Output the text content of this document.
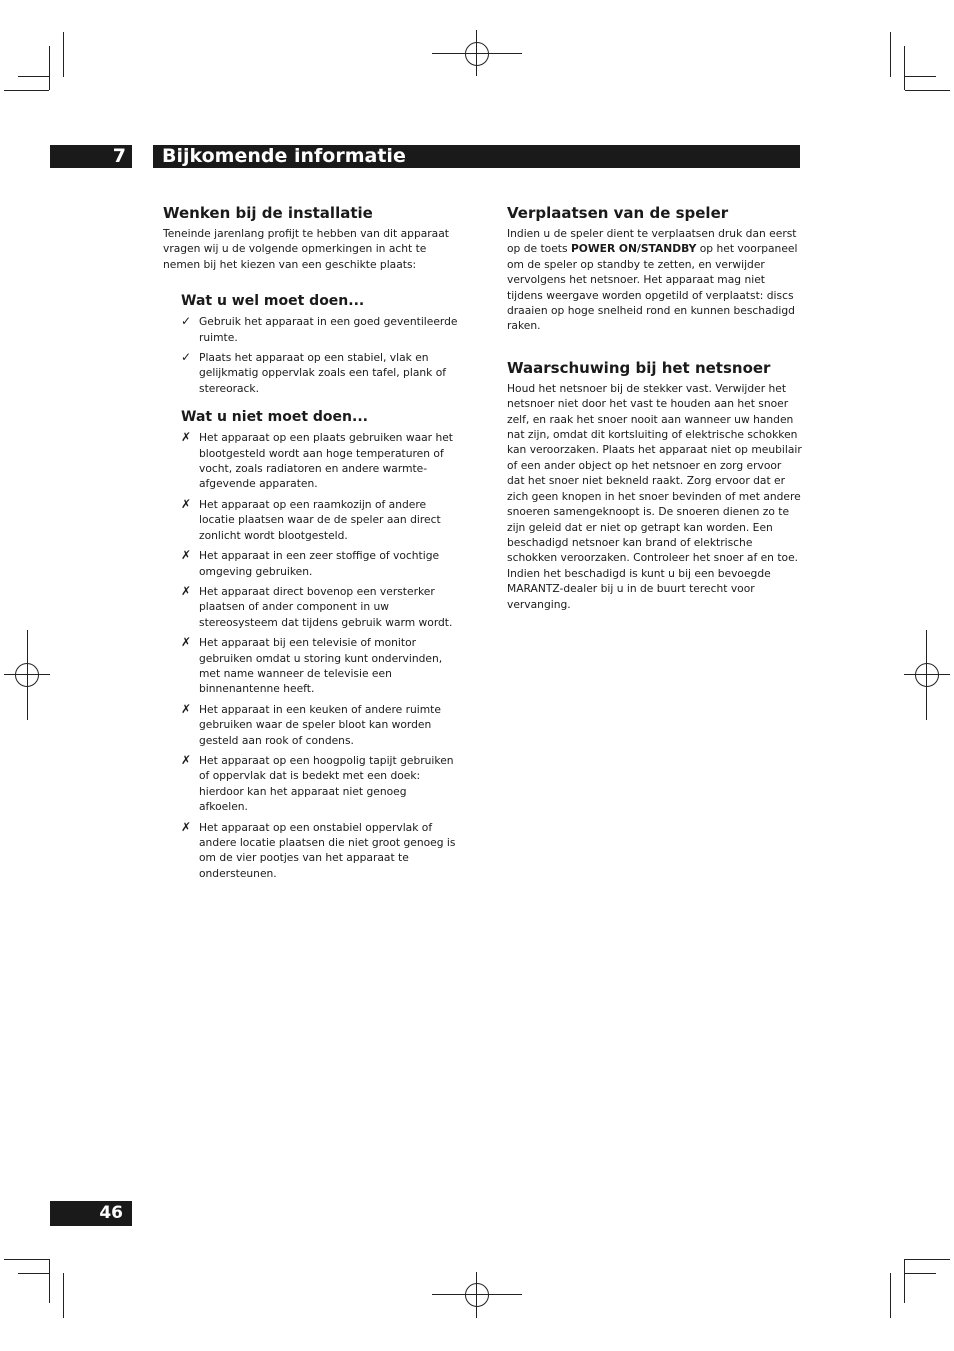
7	Bijkomende informatie
Wenken bij de installatie

Teneinde jarenlang profijt te hebben van dit apparaat vragen wij u de volgende opmerkingen in acht te nemen bij het kiezen van een geschikte plaats:

Wat u wel moet doen...
✓ Gebruik het apparaat in een goed geventileerde ruimte.
✓ Plaats het apparaat op een stabiel, vlak en gelijkmatig oppervlak zoals een tafel, plank of stereorack.
Wat u niet moet doen...
✗ Het apparaat op een plaats gebruiken waar het blootgesteld wordt aan hoge temperaturen of vocht, zoals radiatoren en andere warmte-afgevende apparaten.
✗ Het apparaat op een raamkozijn of andere locatie plaatsen waar de de speler aan direct zonlicht wordt blootgesteld.
✗ Het apparaat in een zeer stoffige of vochtige omgeving gebruiken.
✗ Het apparaat direct bovenop een versterker plaatsen of ander component in uw stereosysteem dat tijdens gebruik warm wordt.
✗ Het apparaat bij een televisie of monitor gebruiken omdat u storing kunt ondervinden, met name wanneer de televisie een binnenantenne heeft.
✗ Het apparaat in een keuken of andere ruimte gebruiken waar de speler bloot kan worden gesteld aan rook of condens.
✗ Het apparaat op een hoogpolig tapijt gebruiken of oppervlak dat is bedekt met een doek: hierdoor kan het apparaat niet genoeg afkoelen.
✗ Het apparaat op een onstabiel oppervlak of andere locatie plaatsen die niet groot genoeg is om de vier pootjes van het apparaat te ondersteunen.
Verplaatsen van de speler

Indien u de speler dient te verplaatsen druk dan eerst op de toets POWER ON/STANDBY op het voorpaneel om de speler op standby te zetten, en verwijder vervolgens het netsnoer. Het apparaat mag niet tijdens weergave worden opgetild of verplaatst: discs draaien op hoge snelheid rond en kunnen beschadigd raken.

Waarschuwing bij het netsnoer

Houd het netsnoer bij de stekker vast. Verwijder het netsnoer niet door het vast te houden aan het snoer zelf, en raak het snoer nooit aan wanneer uw handen nat zijn, omdat dit kortsluiting of elektrische schokken kan veroorzaken. Plaats het apparaat niet op meubilair of een ander object op het netsnoer en zorg ervoor dat het snoer niet bekneld raakt. Zorg ervoor dat er zich geen knopen in het snoer bevinden of met andere snoeren samengeknoopt is. De snoeren dienen zo te zijn geleid dat er niet op getrapt kan worden. Een beschadigd netsnoer kan brand of elektrische schokken veroorzaken. Controleer het snoer af en toe. Indien het beschadigd is kunt u bij een bevoegde MARANTZ-dealer bij u in de buurt terecht voor vervanging.

46
